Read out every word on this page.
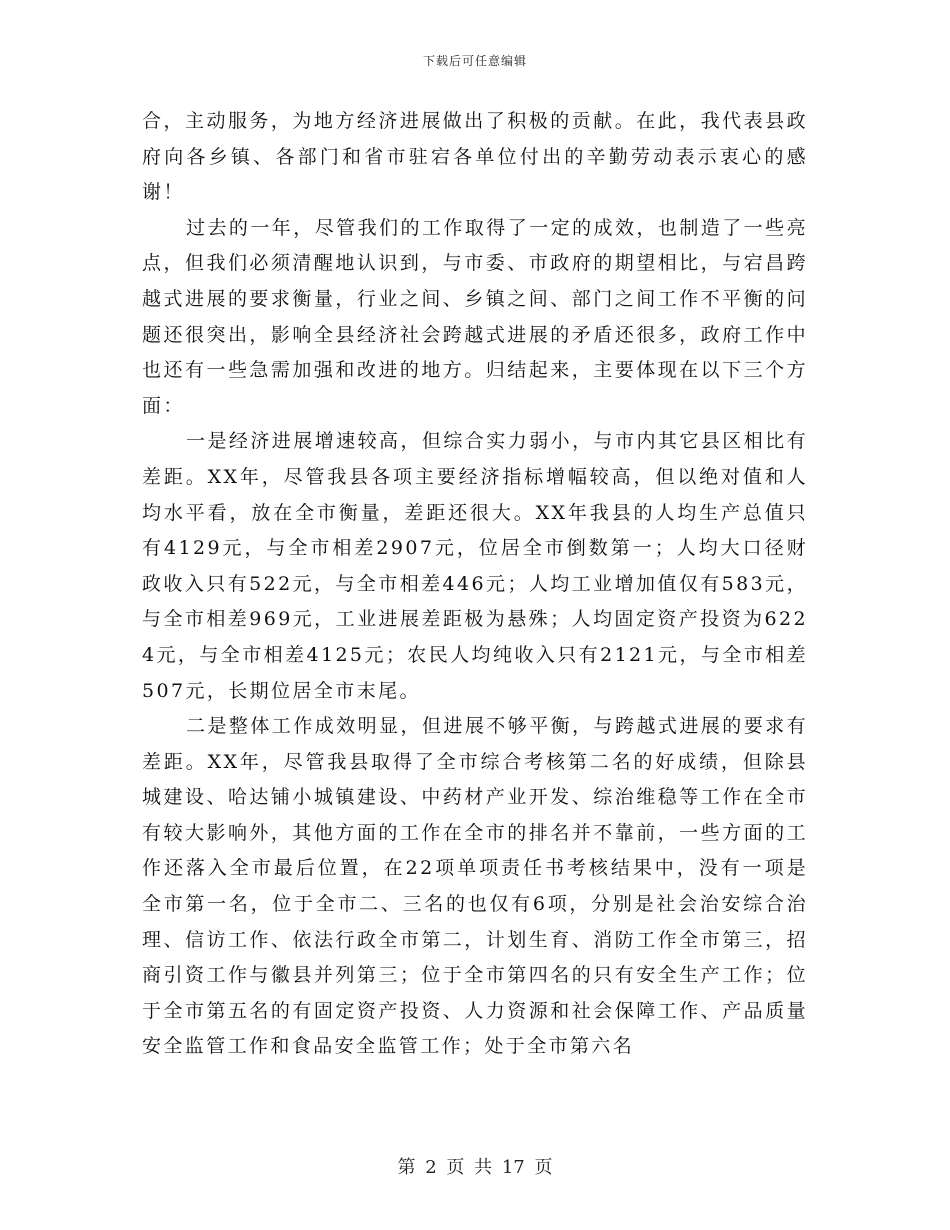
下载后可任意编辑

合，主动服务，为地方经济进展做出了积极的贡献。在此，我代表县政府向各乡镇、各部门和省市驻宕各单位付出的辛勤劳动表示衷心的感谢！

过去的一年，尽管我们的工作取得了一定的成效，也制造了一些亮点，但我们必须清醒地认识到，与市委、市政府的期望相比，与宕昌跨越式进展的要求衡量，行业之间、乡镇之间、部门之间工作不平衡的问题还很突出，影响全县经济社会跨越式进展的矛盾还很多，政府工作中也还有一些急需加强和改进的地方。归结起来，主要体现在以下三个方面：

一是经济进展增速较高，但综合实力弱小，与市内其它县区相比有差距。XX年，尽管我县各项主要经济指标增幅较高，但以绝对值和人均水平看，放在全市衡量，差距还很大。XX年我县的人均生产总值只有4129元，与全市相差2907元，位居全市倒数第一；人均大口径财政收入只有522元，与全市相差446元；人均工业增加值仅有583元，与全市相差969元，工业进展差距极为悬殊；人均固定资产投资为6224元，与全市相差4125元；农民人均纯收入只有2121元，与全市相差507元，长期位居全市末尾。

二是整体工作成效明显，但进展不够平衡，与跨越式进展的要求有差距。XX年，尽管我县取得了全市综合考核第二名的好成绩，但除县城建设、哈达铺小城镇建设、中药材产业开发、综治维稳等工作在全市有较大影响外，其他方面的工作在全市的排名并不靠前，一些方面的工作还落入全市最后位置，在22项单项责任书考核结果中，没有一项是全市第一名，位于全市二、三名的也仅有6项，分别是社会治安综合治理、信访工作、依法行政全市第二，计划生育、消防工作全市第三，招商引资工作与徽县并列第三；位于全市第四名的只有安全生产工作；位于全市第五名的有固定资产投资、人力资源和社会保障工作、产品质量安全监管工作和食品安全监管工作；处于全市第六名

第 2 页 共 17 页
